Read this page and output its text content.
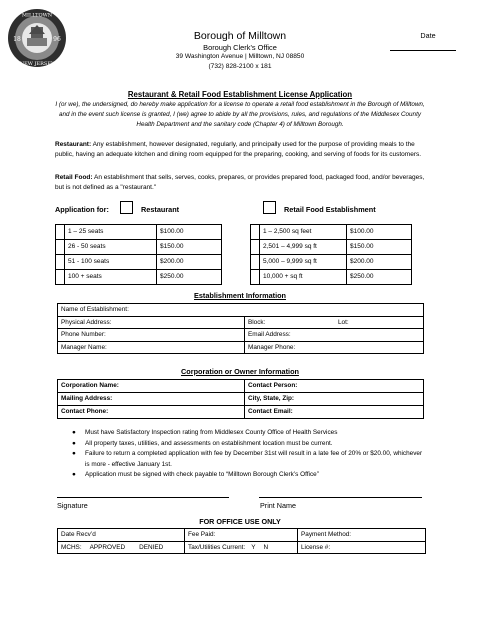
MILLTOWN
NEW JERSEY
18	96	Borough of Milltown
Borough Clerk’s Office
39 Washington Avenue | Milltown, NJ 08850
(732) 828-2100 x 181
Date
Restaurant & Retail Food Establishment License Application
I (or we), the undersigned, do hereby make application for a license to operate a retail food establishment in the Borough of Milltown, and in the event such license is granted, I (we) agree to abide by all the provisions, rules, and regulations of the Middlesex County Health Department and the sanitary code (Chapter 4) of Milltown Borough.
Restaurant: Any establishment, however designated, regularly, and principally used for the purpose of providing meals to the public, having an adequate kitchen and dining room equipped for the preparing, cooking, and serving of foods for its customers.
Retail Food: An establishment that sells, serves, cooks, prepares, or provides prepared food, packaged food, and/or beverages, but is not defined as a "restaurant."
Application for:	Restaurant	Retail Food Establishment
	1 – 25 seats	$100.00
	26 - 50 seats	$150.00
	51 - 100 seats	$200.00
	100 + seats	$250.00
	1 – 2,500 sq feet	$100.00
	2,501 – 4,999 sq ft	$150.00
	5,000 – 9,999 sq ft	$200.00
	10,000 + sq ft	$250.00
Establishment Information
Name of Establishment:		
Physical Address:	Block:	Lot:
Phone Number:	Email Address:	
Manager Name:	Manager Phone:	
Corporation or Owner Information
Corporation Name:	Contact Person:
Mailing Address:	City, State, Zip:
Contact Phone:	Contact Email:
● Must have Satisfactory Inspection rating from Middlesex County Office of Health Services
● All property taxes, utilities, and assessments on establishment location must be current.
● Failure to return a completed application with fee by December 31st will result in a late fee of 20% or $20.00, whichever is more - effective January 1st.
● Application must be signed with check payable to “Milltown Borough Clerk’s Office”
Signature	Print Name
FOR OFFICE USE ONLY
Date Recv’d	Fee Paid:	Payment Method:
MCHS: APPROVED DENIED	Tax/Utilities Current: Y N	License #:
